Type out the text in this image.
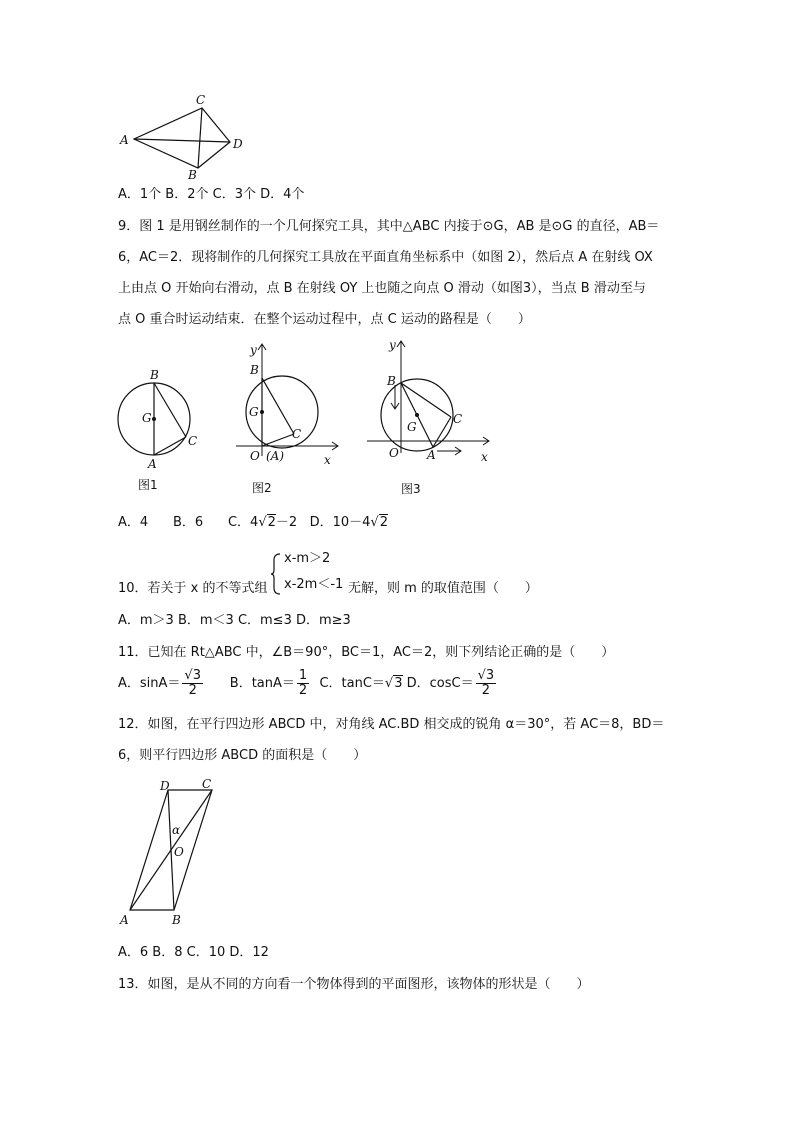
A
C
D
B
A．1个 B．2个 C．3个 D．4个
9．图 1 是用钢丝制作的一个几何探究工具，其中△ABC 内接于⊙G，AB 是⊙G 的直径，AB＝
6，AC＝2．现将制作的几何探究工具放在平面直角坐标系中（如图 2），然后点 A 在射线 OX
上由点 O 开始向右滑动，点 B 在射线 OY 上也随之向点 O 滑动（如图3），当点 B 滑动至与
点 O 重合时运动结束．在整个运动过程中，点 C 运动的路程是（　　）
B
G
C
A
图1
y
B
G
C
O (A)	x
图2
y
B
G
C
O A	x
图3
A．4 B．6 C．4√2－2 D．10－4√2
10．若关于 x 的不等式组
x-m＞2
x-2m＜-1 无解，则 m 的取值范围（　　）
A．m＞3 B．m＜3 C．m≤3 D．m≥3
11．已知在 Rt△ABC 中，∠B＝90°，BC＝1，AC＝2，则下列结论正确的是（　　）
A．$\sin A= \frac{√3}{2}$ B．$\tan A= \frac{1}{2}$ C．tanC＝√3 D．$\cos C= \frac{√3}{2}$
12．如图，在平行四边形 ABCD 中，对角线 AC.BD 相交成的锐角 α＝30°，若 AC＝8，BD＝
6，则平行四边形 ABCD 的面积是（　　）
A	B
C
D
O
α
A．6 B．8 C．10 D．12
13．如图，是从不同的方向看一个物体得到的平面图形，该物体的形状是（　　）
